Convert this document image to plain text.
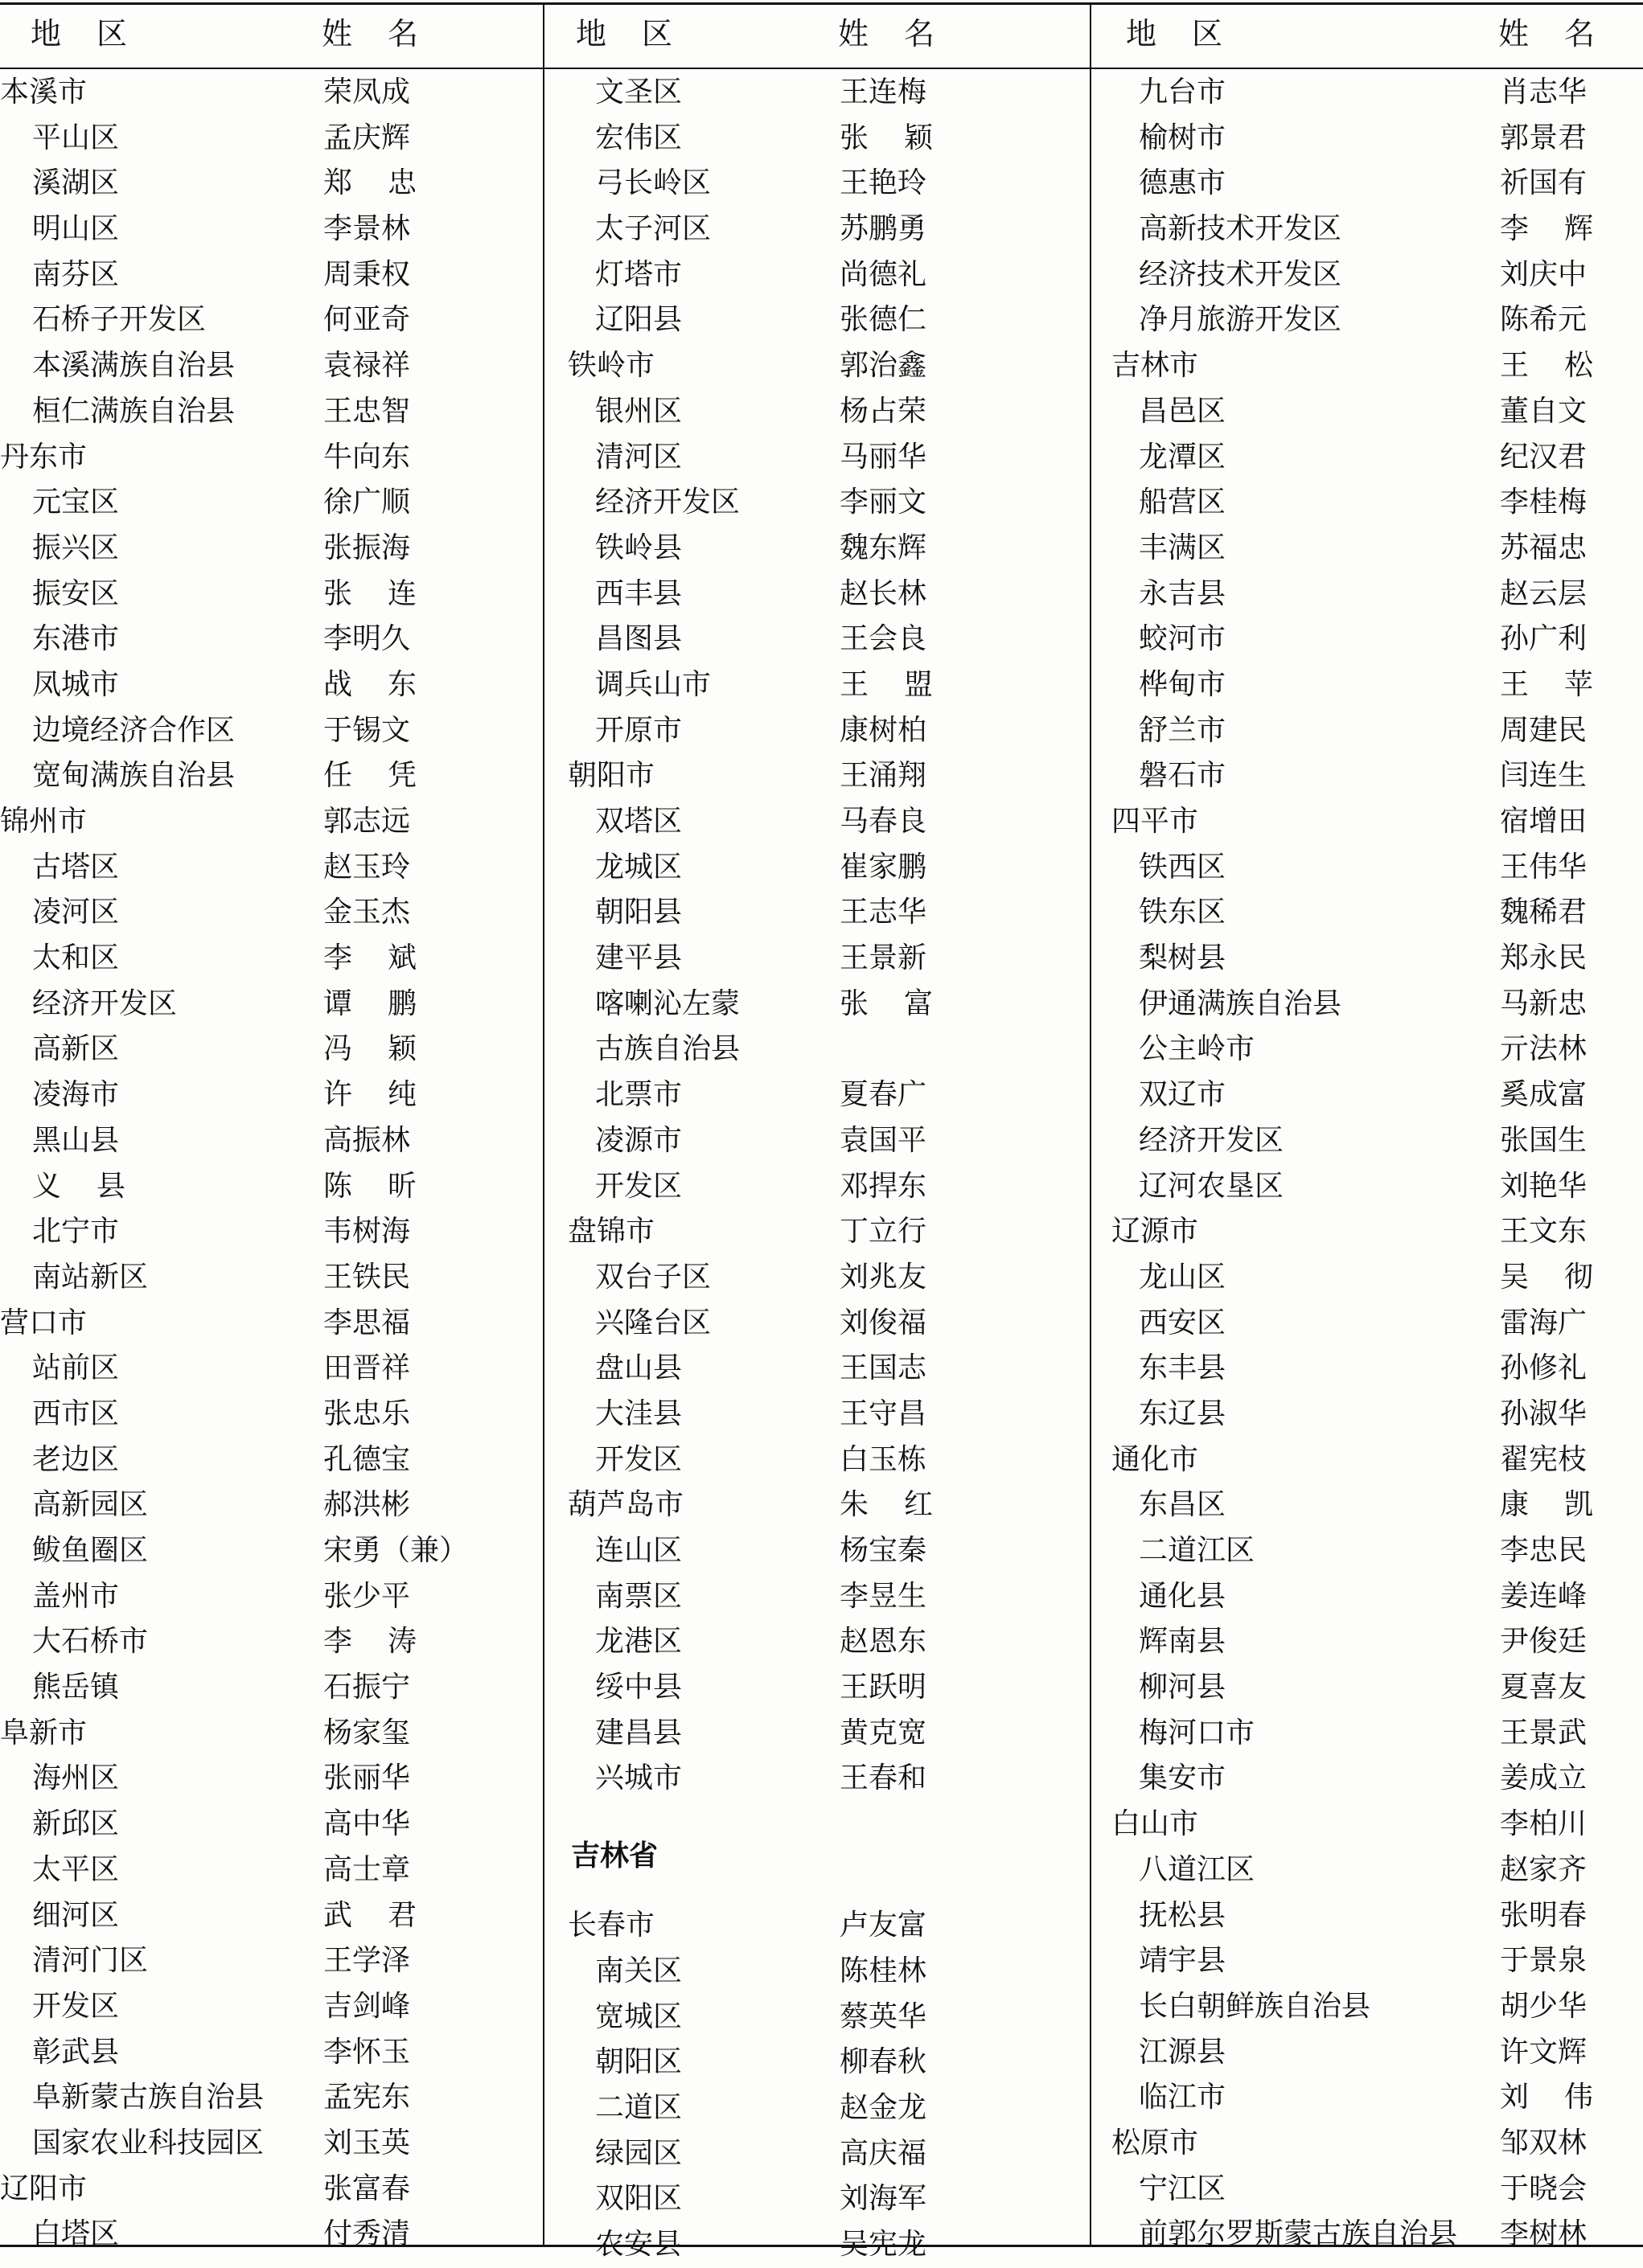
地区	姓名
本溪市	荣凤成
平山区	孟庆辉
溪湖区	郑忠
明山区	李景林
南芬区	周秉权
石桥子开发区	何亚奇
本溪满族自治县	袁禄祥
桓仁满族自治县	王忠智
丹东市	牛向东
元宝区	徐广顺
振兴区	张振海
振安区	张连
东港市	李明久
凤城市	战东
边境经济合作区	于锡文
宽甸满族自治县	任凭
锦州市	郭志远
古塔区	赵玉玲
凌河区	金玉杰
太和区	李斌
经济开发区	谭鹏
高新区	冯颖
凌海市	许纯
黑山县	高振林
义县	陈昕
北宁市	韦树海
南站新区	王铁民
营口市	李思福
站前区	田晋祥
西市区	张忠乐
老边区	孔德宝
高新园区	郝洪彬
鲅鱼圈区	宋勇（兼）
盖州市	张少平
大石桥市	李涛
熊岳镇	石振宁
阜新市	杨家玺
海州区	张丽华
新邱区	高中华
太平区	高士章
细河区	武君
清河门区	王学泽
开发区	吉剑峰
彰武县	李怀玉
阜新蒙古族自治县 孟宪东
国家农业科技园区 刘玉英
辽阳市	张富春
白塔区	付秀清
地区	姓名
文圣区	王连梅
宏伟区	张颖
弓长岭区	王艳玲
太子河区	苏鹏勇
灯塔市	尚德礼
辽阳县	张德仁
铁岭市	郭治鑫
银州区	杨占荣
清河区	马丽华
经济开发区	李丽文
铁岭县	魏东辉
西丰县	赵长林
昌图县	王会良
调兵山市	王盟
开原市	康树柏
朝阳市	王涌翔
双塔区	马春良
龙城区	崔家鹏
朝阳县	王志华
建平县	王景新
喀喇沁左蒙	张富
古族自治县
北票市	夏春广
凌源市	袁国平
开发区	邓捍东
盘锦市	丁立行
双台子区	刘兆友
兴隆台区	刘俊福
盘山县	王国志
大洼县	王守昌
开发区	白玉栋
葫芦岛市	朱红
连山区	杨宝秦
南票区	李昱生
龙港区	赵恩东
绥中县	王跃明
建昌县	黄克宽
兴城市	王春和
吉林省
长春市	卢友富
南关区	陈桂林
宽城区	蔡英华
朝阳区	柳春秋
二道区	赵金龙
绿园区	高庆福
双阳区	刘海军
农安县	吴宪龙
地区	姓名
九台市	肖志华
榆树市	郭景君
德惠市	祈国有
高新技术开发区	李辉
经济技术开发区	刘庆中
净月旅游开发区	陈希元
吉林市	王松
昌邑区	董自文
龙潭区	纪汉君
船营区	李桂梅
丰满区	苏福忠
永吉县	赵云层
蛟河市	孙广利
桦甸市	王苹
舒兰市	周建民
磐石市	闫连生
四平市	宿增田
铁西区	王伟华
铁东区	魏稀君
梨树县	郑永民
伊通满族自治县	马新忠
公主岭市	亓法林
双辽市	奚成富
经济开发区	张国生
辽河农垦区	刘艳华
辽源市	王文东
龙山区	吴彻
西安区	雷海广
东丰县	孙修礼
东辽县	孙淑华
通化市	翟宪枝
东昌区	康凯
二道江区	李忠民
通化县	姜连峰
辉南县	尹俊廷
柳河县	夏喜友
梅河口市	王景武
集安市	姜成立
白山市	李柏川
八道江区	赵家齐
抚松县	张明春
靖宇县	于景泉
长白朝鲜族自治县	胡少华
江源县	许文辉
临江市	刘伟
松原市	邹双林
宁江区	于晓会
前郭尔罗斯蒙古族自治县 李树林
